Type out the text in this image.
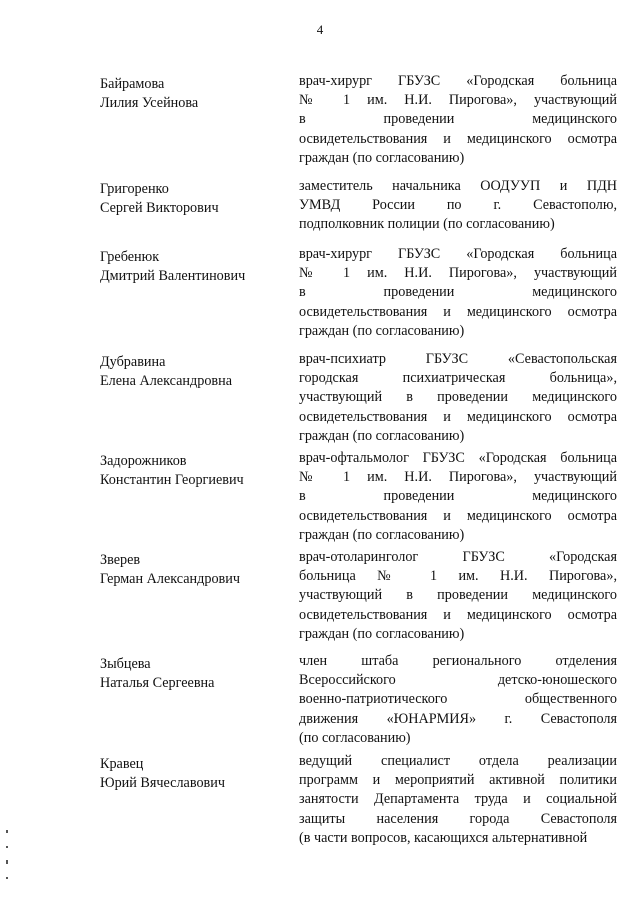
4
Байрамова
Лилия Усейнова
врач-хирург ГБУЗС «Городская больница
№ 1 им. Н.И. Пирогова», участвующий
в проведении медицинского
освидетельствования и медицинского осмотра
граждан (по согласованию)
Григоренко
Сергей Викторович
заместитель начальника ООДУУП и ПДН
УМВД России по г. Севастополю,
подполковник полиции (по согласованию)
Гребенюк
Дмитрий Валентинович
врач-хирург ГБУЗС «Городская больница
№ 1 им. Н.И. Пирогова», участвующий
в проведении медицинского
освидетельствования и медицинского осмотра
граждан (по согласованию)
Дубравина
Елена Александровна
врач-психиатр ГБУЗС «Севастопольская
городская психиатрическая больница»,
участвующий в проведении медицинского
освидетельствования и медицинского осмотра
граждан (по согласованию)
Задорожников
Константин Георгиевич
врач-офтальмолог ГБУЗС «Городская больница
№ 1 им. Н.И. Пирогова», участвующий
в проведении медицинского
освидетельствования и медицинского осмотра
граждан (по согласованию)
Зверев
Герман Александрович
врач-отоларинголог ГБУЗС «Городская
больница № 1 им. Н.И. Пирогова»,
участвующий в проведении медицинского
освидетельствования и медицинского осмотра
граждан (по согласованию)
Зыбцева
Наталья Сергеевна
член штаба регионального отделения
Всероссийского детско-юношеского
военно-патриотического общественного
движения «ЮНАРМИЯ» г. Севастополя
(по согласованию)
Кравец
Юрий Вячеславович
ведущий специалист отдела реализации
программ и мероприятий активной политики
занятости Департамента труда и социальной
защиты населения города Севастополя
(в части вопросов, касающихся альтернативной
